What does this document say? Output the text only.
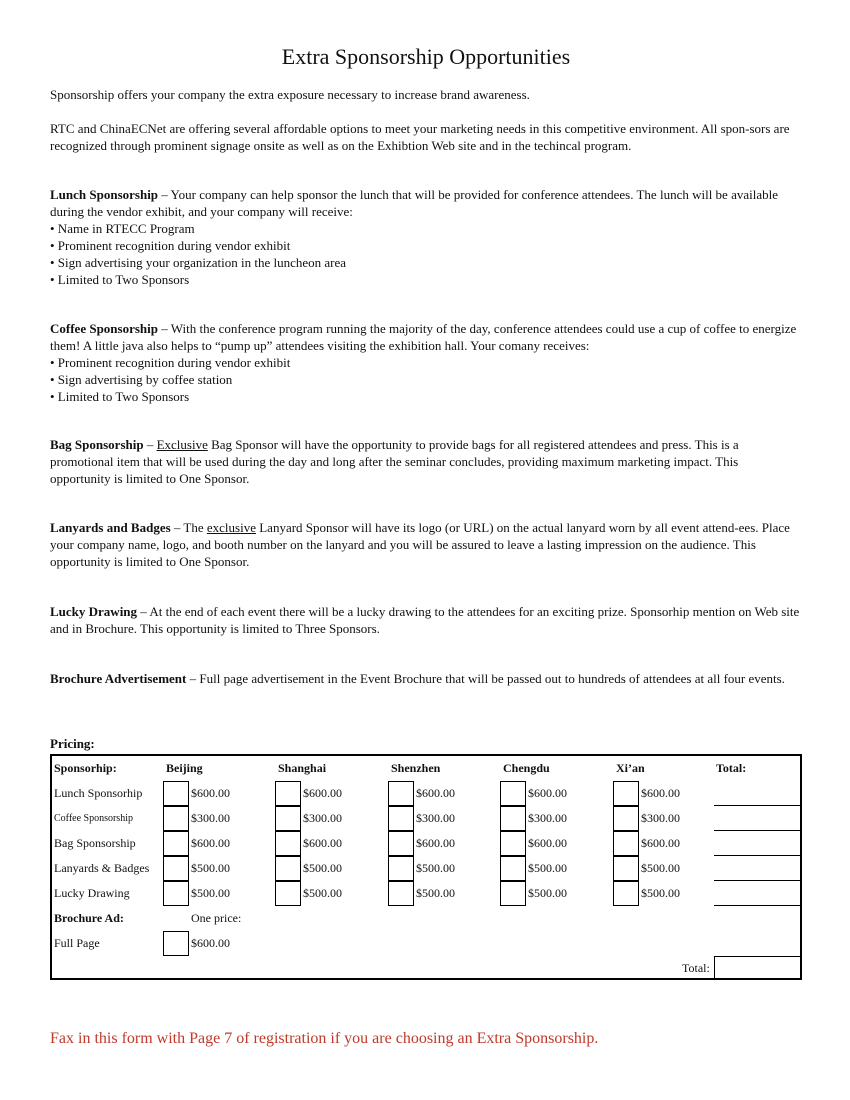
Extra Sponsorship Opportunities
Sponsorship offers your company the extra exposure necessary to increase brand awareness.
RTC and ChinaECNet are offering several affordable options to meet your marketing needs in this competitive environment. All spon-sors are recognized through prominent signage onsite as well as on the Exhibtion Web site and in the techincal program.
Lunch Sponsorship – Your company can help sponsor the lunch that will be provided for conference attendees. The lunch will be available during the vendor exhibit, and your company will receive:
• Name in RTECC Program
• Prominent recognition during vendor exhibit
• Sign advertising your organization in the luncheon area
• Limited to Two Sponsors
Coffee Sponsorship – With the conference program running the majority of the day, conference attendees could use a cup of coffee to energize them! A little java also helps to “pump up” attendees visiting the exhibition hall. Your comany receives:
• Prominent recognition during vendor exhibit
• Sign advertising by coffee station
• Limited to Two Sponsors
Bag Sponsorship – Exclusive Bag Sponsor will have the opportunity to provide bags for all registered attendees and press. This is a promotional item that will be used during the day and long after the seminar concludes, providing maximum marketing impact. This opportunity is limited to One Sponsor.
Lanyards and Badges – The exclusive Lanyard Sponsor will have its logo (or URL) on the actual lanyard worn by all event attend-ees. Place your company name, logo, and booth number on the lanyard and you will be assured to leave a lasting impression on the audience. This opportunity is limited to One Sponsor.
Lucky Drawing – At the end of each event there will be a lucky drawing to the attendees for an exciting prize. Sponsorhip mention on Web site and in Brochure. This opportunity is limited to Three Sponsors.
Brochure Advertisement – Full page advertisement in the Event Brochure that will be passed out to hundreds of attendees at all four events.
Pricing:
Sponsorhip:	Beijing	Shanghai	Shenzhen	Chengdu	Xi’an	Total:
Lunch Sponsorhip	$600.00	$600.00	$600.00	$600.00	$600.00
Coffee Sponsorship	$300.00	$300.00	$300.00	$300.00	$300.00
Bag Sponsorship	$600.00	$600.00	$600.00	$600.00	$600.00
Lanyards & Badges	$500.00	$500.00	$500.00	$500.00	$500.00
Lucky Drawing	$500.00	$500.00	$500.00	$500.00	$500.00
Brochure Ad:	One price:
Full Page	$600.00
Total:
Fax in this form with Page 7 of registration if you are choosing an Extra Sponsorship.
